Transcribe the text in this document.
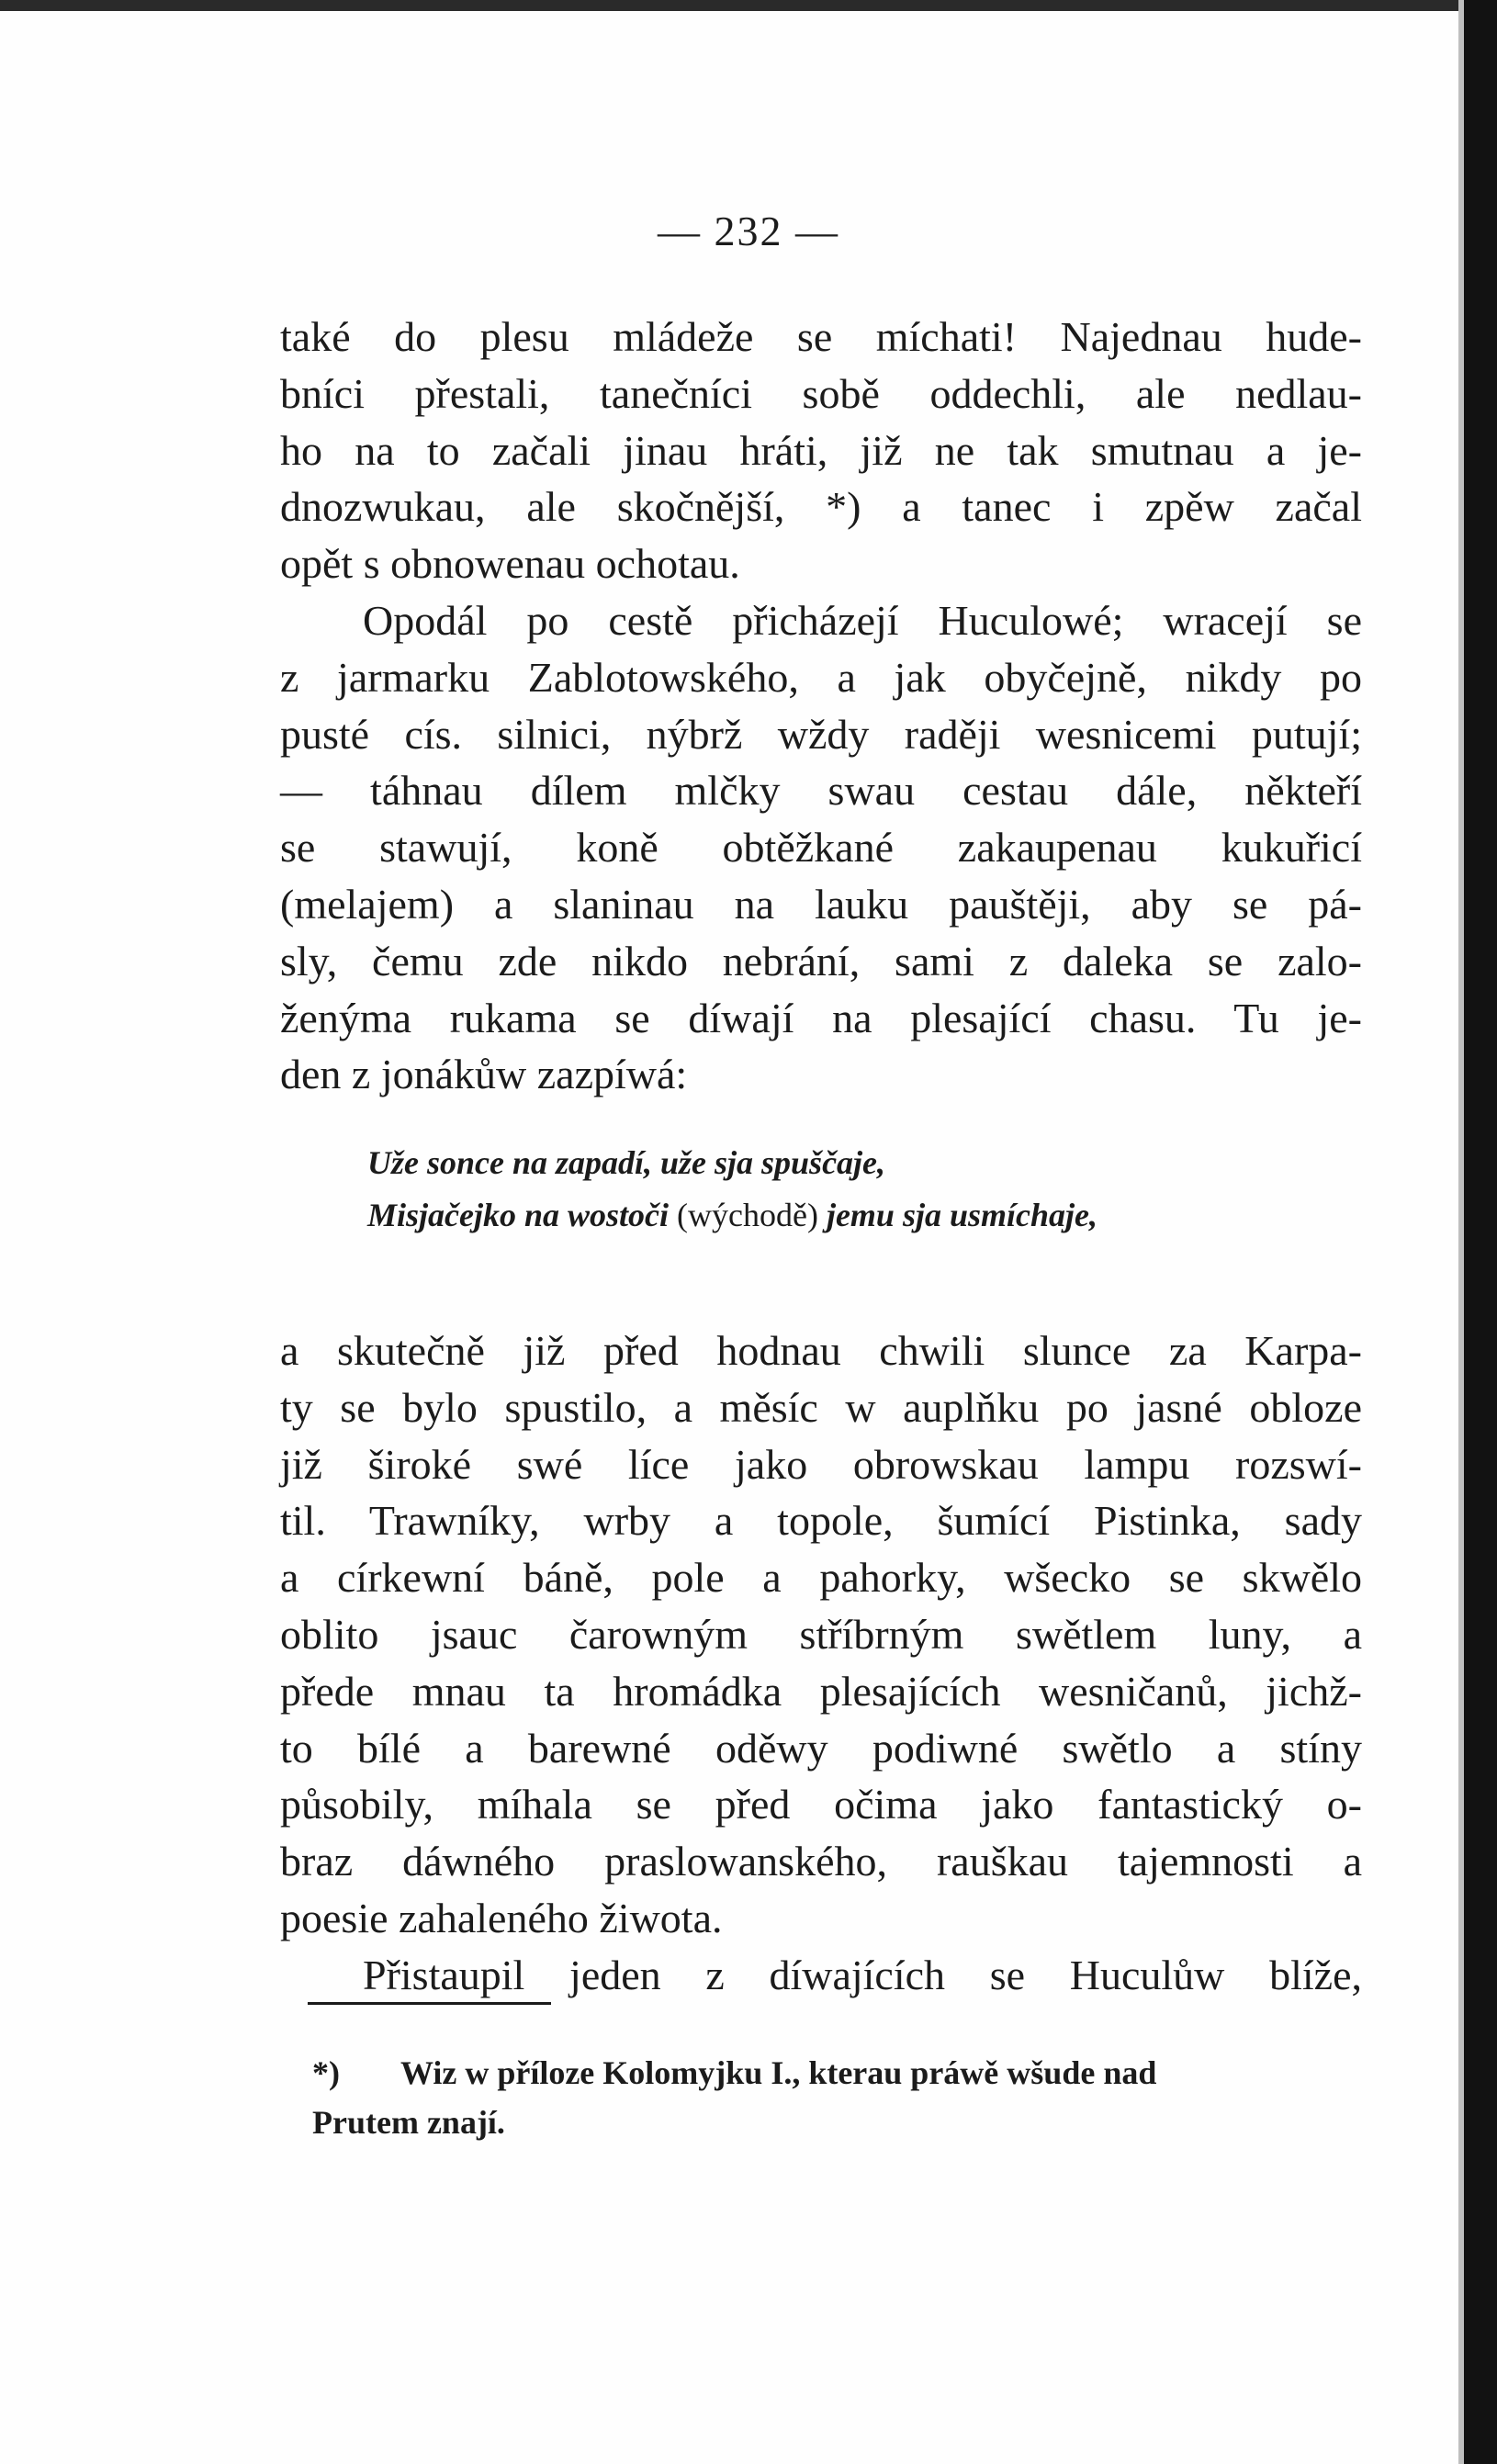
— 232 —

také do plesu mládeže se míchati! Najednau hude-

bníci přestali, tanečníci sobě oddechli, ale nedlau-

ho na to začali jinau hráti, již ne tak smutnau a je-

dnozwukau, ale skočnější, *) a tanec i zpěw začal

opět s obnowenau ochotau.

Opodál po cestě přicházejí Huculowé; wracejí se

z jarmarku Zablotowského, a jak obyčejně, nikdy po

pusté cís. silnici, nýbrž wždy raději wesnicemi putují;

— táhnau dílem mlčky swau cestau dále, někteří

se stawují, koně obtěžkané zakaupenau kukuřicí

(melajem) a slaninau na lauku pauštěji, aby se pá-

sly, čemu zde nikdo nebrání, sami z daleka se zalo-

ženýma rukama se díwají na plesající chasu. Tu je-

den z jonákůw zazpíwá:

Uže sonce na zapadí, uže sja spuščaje,

Misjačejko na wostoči (wýchodě) jemu sja usmíchaje,

a skutečně již před hodnau chwili slunce za Karpa-

ty se bylo spustilo, a měsíc w auplňku po jasné obloze

již široké swé líce jako obrowskau lampu rozswí-

til. Trawníky, wrby a topole, šumící Pistinka, sady

a církewní báně, pole a pahorky, wšecko se skwělo

oblito jsauc čarowným stříbrným swětlem luny, a

přede mnau ta hromádka plesajících wesničanů, jichž-

to bílé a barewné oděwy podiwné swětlo a stíny

působily, míhala se před očima jako fantastický o-

braz dáwného praslowanského, rauškau tajemnosti a

poesie zahaleného žiwota.

Přistaupil jeden z díwajících se Huculůw blíže,

*) Wiz w příloze Kolomyjku I., kterau práwě wšude nad

Prutem znají.
